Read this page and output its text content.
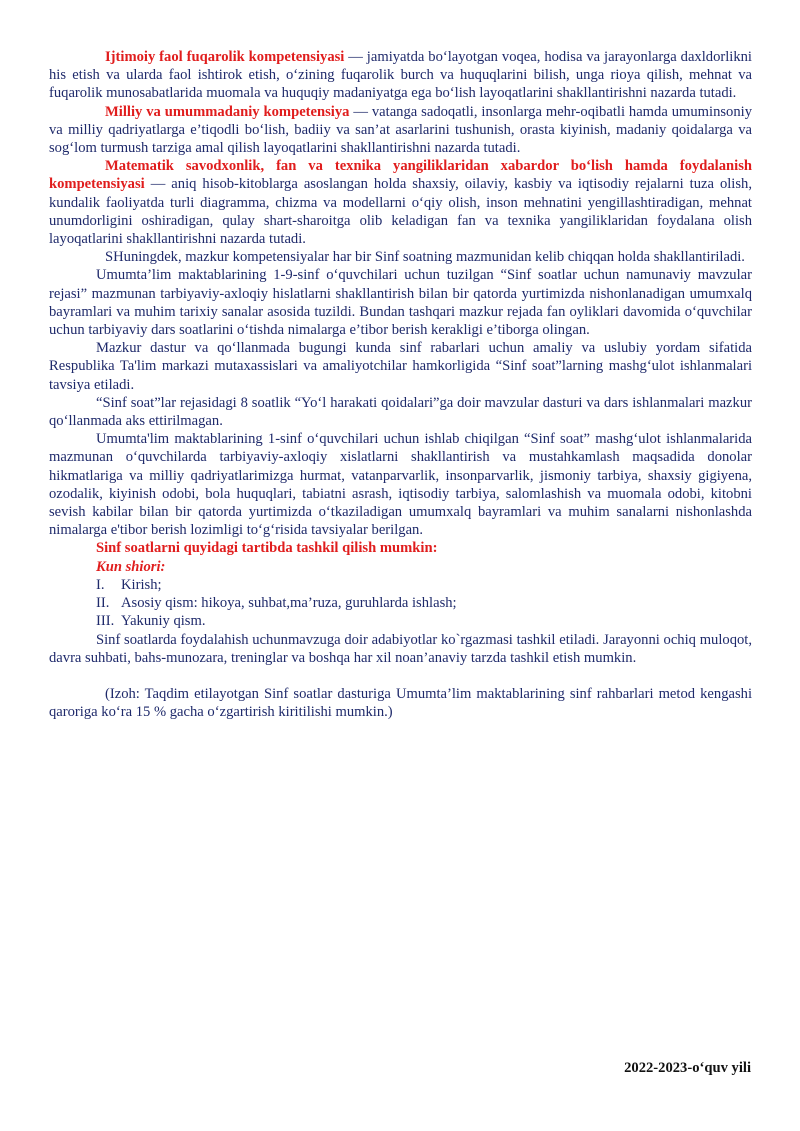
Ijtimoiy faol fuqarolik kompetensiyasi — jamiyatda bo‘layotgan voqea, hodisa va jarayonlarga daxldorlikni his etish va ularda faol ishtirok etish, o‘zining fuqarolik burch va huquqlarini bilish, unga rioya qilish, mehnat va fuqarolik munosabatlarida muomala va huquqiy madaniyatga ega bo‘lish layoqatlarini shakllantirishni nazarda tutadi.

Milliy va umummadaniy kompetensiya — vatanga sadoqatli, insonlarga mehr-oqibatli hamda umuminsoniy va milliy qadriyatlarga e’tiqodli bo‘lish, badiiy va san’at asarlarini tushunish, orasta kiyinish, madaniy qoidalarga va sog‘lom turmush tarziga amal qilish layoqatlarini shakllantirishni nazarda tutadi.

Matematik savodxonlik, fan va texnika yangiliklaridan xabardor bo‘lish hamda foydalanish kompetensiyasi — aniq hisob-kitoblarga asoslangan holda shaxsiy, oilaviy, kasbiy va iqtisodiy rejalarni tuza olish, kundalik faoliyatda turli diagramma, chizma va modellarni o‘qiy olish, inson mehnatini yengillashtiradigan, mehnat unumdorligini oshiradigan, qulay shart-sharoitga olib keladigan fan va texnika yangiliklaridan foydalana olish layoqatlarini shakllantirishni nazarda tutadi.

SHuningdek, mazkur kompetensiyalar har bir Sinf soatning mazmunidan kelib chiqqan holda shakllantiriladi.

Umumta’lim maktablarining 1-9-sinf o‘quvchilari uchun tuzilgan “Sinf soatlar uchun namunaviy mavzular rejasi” mazmunan tarbiyaviy-axloqiy hislatlarni shakllantirish bilan bir qatorda yurtimizda nishonlanadigan umumxalq bayramlari va muhim tarixiy sanalar asosida tuzildi. Bundan tashqari mazkur rejada fan oyliklari davomida o‘quvchilar uchun tarbiyaviy dars soatlarini o‘tishda nimalarga e’tibor berish kerakligi e’tiborga olingan.

Mazkur dastur va qo‘llanmada bugungi kunda sinf rabarlari uchun amaliy va uslubiy yordam sifatida Respublika Ta'lim markazi mutaxassislari va amaliyotchilar hamkorligida “Sinf soat”larning mashg‘ulot ishlanmalari tavsiya etiladi.

“Sinf soat”lar rejasidagi 8 soatlik “Yo‘l harakati qoidalari”ga doir mavzular dasturi va dars ishlanmalari mazkur qo‘llanmada aks ettirilmagan.

Umumta'lim maktablarining 1-sinf o‘quvchilari uchun ishlab chiqilgan “Sinf soat” mashg‘ulot ishlanmalarida mazmunan o‘quvchilarda tarbiyaviy-axloqiy xislatlarni shakllantirish va mustahkamlash maqsadida donolar hikmatlariga va milliy qadriyatlarimizga hurmat, vatanparvarlik, insonparvarlik, jismoniy tarbiya, shaxsiy gigiyena, ozodalik, kiyinish odobi, bola huquqlari, tabiatni asrash, iqtisodiy tarbiya, salomlashish va muomala odobi, kitobni sevish kabilar bilan bir qatorda yurtimizda o‘tkaziladigan umumxalq bayramlari va muhim sanalarni nishonlashda nimalarga e'tibor berish lozimligi to‘g‘risida tavsiyalar berilgan.

Sinf soatlarni quyidagi tartibda tashkil qilish mumkin:

Kun shiori:

I. Kirish;
II. Asosiy qism: hikoya, suhbat,ma’ruza, guruhlarda ishlash;
III. Yakuniy qism.

Sinf soatlarda foydalahish uchunmavzuga doir adabiyotlar ko`rgazmasi tashkil etiladi. Jarayonni ochiq muloqot, davra suhbati, bahs-munozara, treninglar va boshqa har xil noan’anaviy tarzda tashkil etish mumkin.

(Izoh: Taqdim etilayotgan Sinf soatlar dasturiga Umumta’lim maktablarining sinf rahbarlari metod kengashi qaroriga ko‘ra 15 % gacha o‘zgartirish kiritilishi mumkin.)

2022-2023-o‘quv yili
